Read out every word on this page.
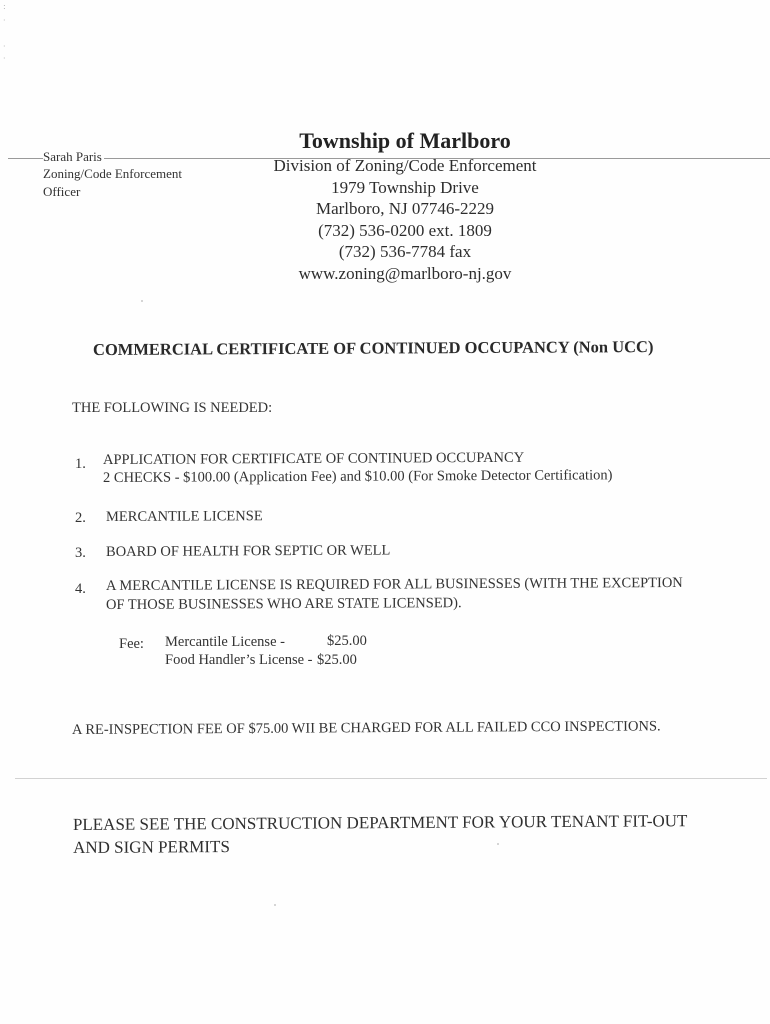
:
·
·
·
Township of Marlboro
Sarah Paris
Zoning/Code Enforcement Officer
Division of Zoning/Code Enforcement
1979 Township Drive
Marlboro, NJ 07746-2229
(732) 536-0200 ext. 1809
(732) 536-7784 fax
www.zoning@marlboro-nj.gov
COMMERCIAL CERTIFICATE OF CONTINUED OCCUPANCY (Non UCC)
THE FOLLOWING IS NEEDED:
1. APPLICATION FOR CERTIFICATE OF CONTINUED OCCUPANCY
2 CHECKS - $100.00 (Application Fee) and $10.00 (For Smoke Detector Certification)
2. MERCANTILE LICENSE
3. BOARD OF HEALTH FOR SEPTIC OR WELL
4. A MERCANTILE LICENSE IS REQUIRED FOR ALL BUSINESSES (WITH THE EXCEPTION
OF THOSE BUSINESSES WHO ARE STATE LICENSED).
Fee: Mercantile License -	$25.00
Food Handler’s License - $25.00
A RE-INSPECTION FEE OF $75.00 WII BE CHARGED FOR ALL FAILED CCO INSPECTIONS.
PLEASE SEE THE CONSTRUCTION DEPARTMENT FOR YOUR TENANT FIT-OUT
AND SIGN PERMITS
